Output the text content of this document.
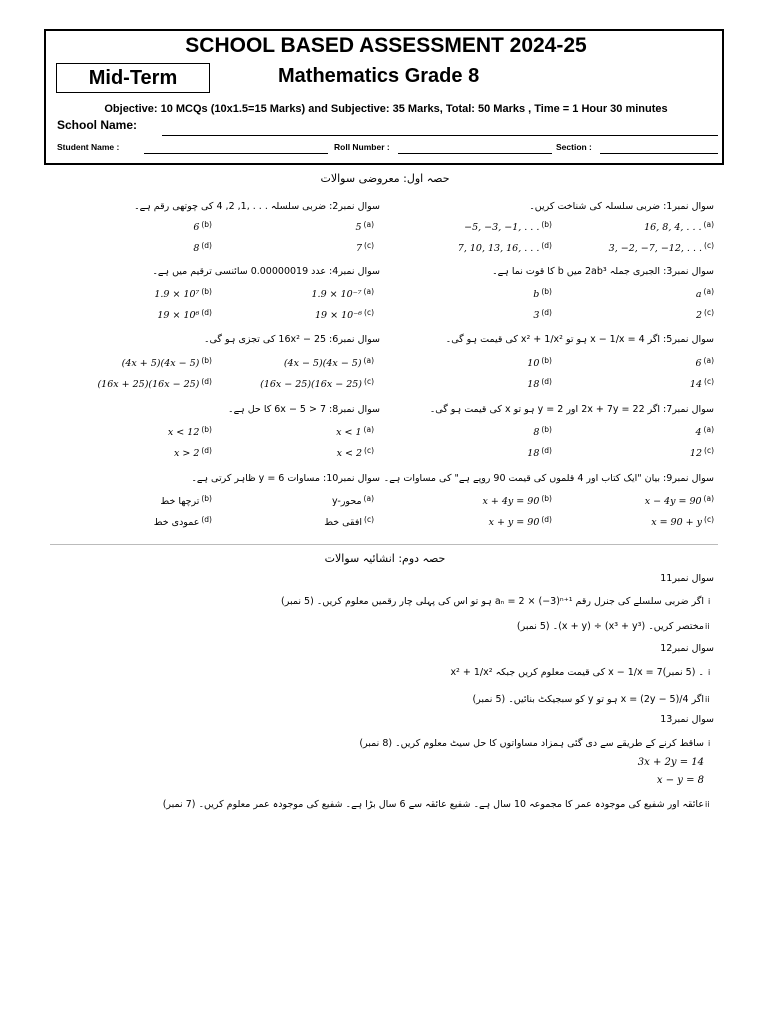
SCHOOL BASED ASSESSMENT 2024-25
Mid-Term	Mathematics Grade 8
Objective: 10 MCQs (10x1.5=15 Marks) and Subjective: 35 Marks, Total: 50 Marks , Time = 1 Hour 30 minutes
School Name:
Student Name :	Roll Number :	Section :
حصہ اول: معروضی سوالات
سوال نمبر1: ضربی سلسلہ کی شناخت کریں۔
16, 8, 4, . . . $^{(a)}$
−5, −3, −1, . . . $^{(b)}$
3, −2, −7, −12, . . . $^{(c)}$
7, 10, 13, 16, . . . $^{(d)}$
سوال نمبر2: ضربی سلسلہ . . . ,1, 2, 4 کی چوتھی رقم ہے۔
5 $^{(a)}$
6 $^{(b)}$
7 $^{(c)}$
8 $^{(d)}$
سوال نمبر3: الجبری جملہ 2ab³ میں b کا قوت نما ہے۔
a $^{(a)}$
b $^{(b)}$
2 $^{(c)}$
3 $^{(d)}$
سوال نمبر4: عدد 0.00000019 سائنسی ترقیم میں ہے۔
1.9 × 10⁻⁷ $^{(a)}$
1.9 × 10⁷ $^{(b)}$
19 × 10⁻⁶ $^{(c)}$
19 × 10⁶ $^{(d)}$
سوال نمبر5: اگر 4 = x − 1/x ہو تو x² + 1/x² کی قیمت ہو گی۔
6 $^{(a)}$
10 $^{(b)}$
14 $^{(c)}$
18 $^{(d)}$
سوال نمبر6: 25 − 16x² کی تجزی ہو گی۔
(4x − 5)(4x − 5) $^{(a)}$
(4x + 5)(4x − 5) $^{(b)}$
(16x − 25)(16x − 25) $^{(c)}$
(16x + 25)(16x − 25) $^{(d)}$
سوال نمبر7: اگر 2x + 7y = 22 اور y = 2 ہو تو x کی قیمت ہو گی۔
4 $^{(a)}$
8 $^{(b)}$
12 $^{(c)}$
18 $^{(d)}$
سوال نمبر8: 6x − 5 > 7 کا حل ہے۔
x < 1 $^{(a)}$
x < 12 $^{(b)}$
x < 2 $^{(c)}$
x > 2 $^{(d)}$
سوال نمبر9: بیان "ایک کتاب اور 4 قلموں کی قیمت 90 روپے ہے" کی مساوات ہے۔
x − 4y = 90 $^{(a)}$
x + 4y = 90 $^{(b)}$
x = 90 + y $^{(c)}$
x + y = 90 $^{(d)}$
سوال نمبر10: مساوات y = 6 ظاہر کرتی ہے۔
y-محور $^{(a)}$
ترچھا خط $^{(b)}$
افقی خط $^{(c)}$
عمودی خط $^{(d)}$
حصہ دوم: انشائیہ سوالات
سوال نمبر11
i
اگر ضربی سلسلے کی جنرل رقم aₙ = 2 × (−3)ⁿ⁺¹ ہو تو اس کی پہلی چار رقمیں معلوم کریں۔ (5 نمبر)
ii
مختصر کریں۔ (x³ + y³) ÷ (x + y)۔ (5 نمبر)
سوال نمبر12
i
x² + 1/x² کی قیمت معلوم کریں جبکہ x − 1/x = 7۔ (5 نمبر)
ii
اگر x = (2y − 5)/4 ہو تو y کو سبجیکٹ بنائیں۔ (5 نمبر)
سوال نمبر13
i
ساقط کرنے کے طریقے سے دی گئی ہمزاد مساواتوں کا حل سیٹ معلوم کریں۔ (8 نمبر)
3x + 2y = 14
x − y = 8
ii
عائقہ اور شفیع کی موجودہ عمر کا مجموعہ 10 سال ہے۔ شفیع عائقہ سے 6 سال بڑا ہے۔ شفیع کی موجودہ عمر معلوم کریں۔ (7 نمبر)
